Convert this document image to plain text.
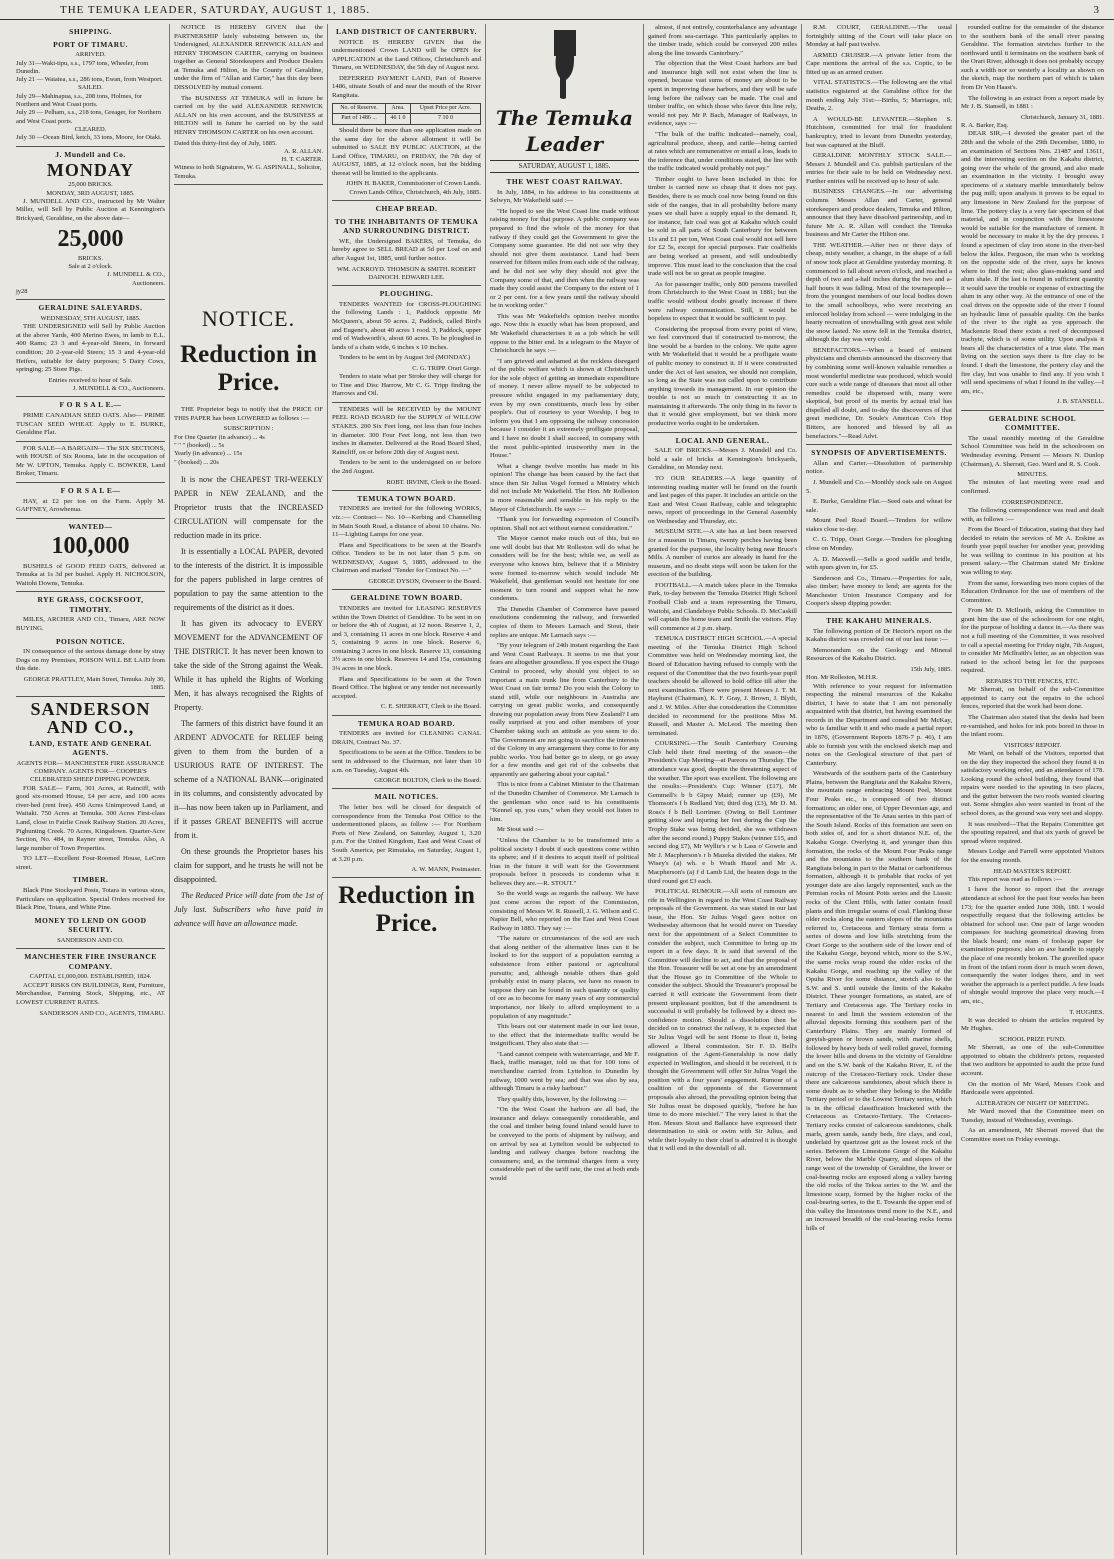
THE TEMUKA LEADER, SATURDAY, AUGUST 1, 1885.	3
SHIPPING.
PORT OF TIMARU.
ARRIVED.
July 31—Waki-tipu, s.s., 1797 tons, Wheeler, from Dunedin.
July 21 — Waiatea, s.s., 286 tons, Ewan, from Westport.
SAILED.
July 29—Mahinapua, s.s., 208 tons, Holmes, for Northern and West Coast ports.
July 29 — Pelham, s.s., 218 tons, Greager, for Northern and West Coast ports.
CLEARED.
July 30 —Ocean Bird, ketch, 33 tons, Moore, for Otaki.
J. Mundell and Co.
MONDAY
25,000 BRICKS.
MONDAY, 3RD AUGUST, 1885.

J. MUNDELL AND CO., instructed by Mr Walter Miller, will Sell by Public Auction at Kennington's Brickyard, Geraldine, on the above date—

25,000
BRICKS.
Sale at 2 o'clock.
J. MUNDELL & CO.,
Auctioneers.
jy28
GERALDINE SALEYARDS.
WEDNESDAY, 5TH AUGUST, 1885.

THE UNDERSIGNED will Sell by Public Auction at the above Yards, 400 Merino Ewes, in lamb to E.L. 400 Rams; 23 3 and 4-year-old Steers, in forward condition; 20 2-year-old Steers; 15 3 and 4-year-old Heifers, suitable for dairy purposes; 5 Dairy Cows, springing; 25 Store Pigs.

Entries received to hour of Sale.
J. MUNDELL & CO., Auctioneers.
F O R S A L E.—

PRIME CANADIAN SEED OATS. Also— PRIME TUSCAN SEED WHEAT. Apply to E. BURKE, Geraldine Flat.

FOR SALE—A BARGAIN— The SIX SECTIONS, with HOUSE of Six Rooms, late in the occupation of Mr W. UPTON, Temuka. Apply C. BOWKER, Land Broker, Timaru.

F O R S A L E—

HAY, at £2 per ton on the Farm. Apply M. GAFFNEY, Arowhenua.

WANTED—
100,000

BUSHELS of GOOD FEED OATS, delivered at Temuka at 1s 3d per bushel. Apply H. NICHOLSON, Waitohi Downs, Temuka.

RYE GRASS, COCKSFOOT, TIMOTHY.

MILES, ARCHER AND CO., Timaru, ARE NOW BUYING.

POISON NOTICE.

IN consequence of the serious damage done by stray Dogs on my Premises, POISON WILL BE LAID from this date.

GEORGE PRATTLEY, Main Street, Temuka. July 30, 1885.
SANDERSON AND CO.,
LAND, ESTATE AND GENERAL AGENTS.
AGENTS FOR— MANCHESTER FIRE ASSURANCE COMPANY. AGENTS FOR— COOPER'S CELEBRATED SHEEP DIPPING POWDER.

FOR SALE— Farm, 301 Acres, at Rainciff, with good six-roomed House, £4 per acre, and 100 acres river-bed (rent free). 450 Acres Unimproved Land, at Waitaki. 750 Acres at Temuka. 300 Acres First-class Land, close to Fairlie Creek Railway Station. 20 Acres, Pigbunting Creek. 70 Acres, Kingsdown. Quarter-Acre Section, No. 484, in Rayner street, Temuka. Also, A large number of Town Properties.

TO LET—Excellent Four-Roomed House, LeCren street.

TIMBER.

Black Pine Stockyard Posts, Totara in various sizes, Particulars on application. Special Orders received for Black Pine, Totara, and White Pine.

MONEY TO LEND ON GOOD SECURITY.
SANDERSON AND CO.
MANCHESTER FIRE INSURANCE COMPANY.
CAPITAL £1,000,000. ESTABLISHED, 1824.

ACCEPT RISKS ON BUILDINGS, Rent, Furniture, Merchandise, Farming Stock, Shipping, etc., AT LOWEST CURRENT RATES.

SANDERSON AND CO., AGENTS, TIMARU.

NOTICE IS HEREBY GIVEN that the PARTNERSHIP lately subsisting between us, the Undersigned, ALEXANDER RENWICK ALLAN and HENRY THOMSON CARTER, carrying on business together as General Storekeepers and Produce Dealers at Temuka and Hilton, in the County of Geraldine, under the firm of "Allan and Carter," has this day been DISSOLVED by mutual consent.

The BUSINESS AT TEMUKA will in future be carried on by the said ALEXANDER RENWICK ALLAN on his own account, and the BUSINESS at HILTON will in future be carried on by the said HENRY THOMSON CARTER on his own account.

Dated this thirty-first day of July, 1885.
A. R. ALLAN.
H. T. CARTER.
Witness to both Signatures, W. G. ASPINALL, Solicitor, Temuka.
NOTICE.
Reduction in Price.

THE Proprietor begs to notify that the PRICE OF THIS PAPER has been LOWERED as follows :—

SUBSCRIPTION :
For One Quarter (in advance) ... 4s
" " " (booked) ... 5s
Yearly (in advance) ... 15s
" (booked) ... 20s

It is now the CHEAPEST TRI-WEEKLY PAPER in NEW ZEALAND, and the Proprietor trusts that the INCREASED CIRCULATION will compensate for the reduction made in its price.

It is essentially a LOCAL PAPER, devoted to the interests of the district. It is impossible for the papers published in large centres of population to pay the same attention to the requirements of the district as it does.

It has given its advocacy to EVERY MOVEMENT for the ADVANCEMENT OF THE DISTRICT. It has never been known to take the side of the Strong against the Weak. While it has upheld the Rights of Working Men, it has always recognised the Rights of Property.

The farmers of this district have found it an ARDENT ADVOCATE for RELIEF being given to them from the burden of a USURIOUS RATE OF INTEREST. The scheme of a NATIONAL BANK—originated in its columns, and consistently advocated by it—has now been taken up in Parliament, and if it passes GREAT BENEFITS will accrue from it.

On these grounds the Proprietor bases his claim for support, and he trusts he will not be disappointed.

The Reduced Price will date from the 1st of July last. Subscribers who have paid in advance will have an allowance made.

LAND DISTRICT OF CANTERBURY.

NOTICE IS HEREBY GIVEN that the undermentioned Crown LAND will be OPEN for APPLICATION at the Land Offices, Christchurch and Timaru, on WEDNESDAY, the 5th day of August next.

DEFERRED PAYMENT LAND, Part of Reserve 1486, situate South of and near the mouth of the River Rangitata.

No. of Reserve.	Area.	Upset Price per Acre.
Part of 1486 ...	46 1 0	7 10 0

Should there be more than one application made on the same day for the above allotment it will be submitted to SALE BY PUBLIC AUCTION, at the Land Office, TIMARU, on FRIDAY, the 7th day of AUGUST, 1885, at 12 o'clock noon, but the bidding thereat will be limited to the applicants.

JOHN H. BAKER, Commissioner of Crown Lands. Crown Lands Office, Christchurch, 4th July, 1885.
CHEAP BREAD.
TO THE INHABITANTS OF TEMUKA AND SURROUNDING DISTRICT.

WE, the Undersigned BAKERS, of Temuka, do hereby agree to SELL BREAD at 5d per Loaf on and after August 1st, 1885, until further notice.

WM. ACKROYD. THOMSON & SMITH. ROBERT DAINOCH. EDWARD LEE.
PLOUGHING.

TENDERS WANTED for CROSS-PLOUGHING the following Lands : 1, Paddock opposite Mr McQueen's, about 50 acres. 2, Paddock, called Bird's and Eugene's, about 40 acres 1 rood. 3, Paddock, upper end of Wadsworth's, about 60 acres. To be ploughed in lands of a chain wide, 6 inches x 10 inches.

Tenders to be sent in by August 3rd (MONDAY.)

C. G. TRIPP. Orari Gorge.

Tenders to state what per Stroke they will charge for to Tine and Disc Harrow, Mr C. G. Tripp finding the Harrows and Oil.

TENDERS will be RECEIVED by the MOUNT PEEL ROAD BOARD for the SUPPLY of WILLOW STAKES. 200 Six Feet long, not less than four inches in diameter. 300 Four Feet long, not less than two inches in diameter. Delivered at the Road Board Shed, Raincliff, on or before 20th day of August next.

Tenders to be sent to the undersigned on or before the 2nd August.

ROBT. IRVINE, Clerk to the Board.
TEMUKA TOWN BOARD.

TENDERS are invited for the following WORKS, viz.:— Contract— No. 10—Kerbing and Channelling in Main South Road, a distance of about 10 chains. No. 11—Lighting Lamps for one year.

Plans and Specifications to be seen at the Board's Office. Tenders to be in not later than 5 p.m. on WEDNESDAY, August 5, 1885, addressed to the Chairman and marked "Tender for Contract No. —"

GEORGE DYSON, Overseer to the Board.
GERALDINE TOWN BOARD.

TENDERS are invited for LEASING RESERVES within the Town District of Geraldine. To be sent in on or before the 4th of August, at 12 noon. Reserve 1, 2, and 3, containing 11 acres in one block. Reserve 4 and 5, containing 9 acres in one block. Reserve 6, containing 3 acres in one block. Reserve 13, containing 3½ acres in one block. Reserves 14 and 15a, containing 3¼ acres in one block.

Plans and Specifications to be seen at the Town Board Office. The highest or any tender not necessarily accepted.

C. E. SHERRATT, Clerk to the Board.
TEMUKA ROAD BOARD.

TENDERS are invited for CLEANING CANAL DRAIN, Contract No. 37.

Specifications to be seen at the Office. Tenders to be sent in addressed to the Chairman, not later than 10 a.m. on Tuesday, August 4th.

GEORGE BOLTON, Clerk to the Board.
MAIL NOTICES.

The letter box will be closed for despatch of correspondence from the Temuka Post Office to the undermentioned places, as follow :— For Northern Ports of New Zealand, on Saturday, August 1, 3.20 p.m. For the United Kingdom, East and West Coast of South America, per Rimutaka, on Saturday, August 1, at 3.20 p.m.

A. W. MANN, Postmaster.
Reduction in Price.
The Temuka Leader
SATURDAY, AUGUST 1, 1885.
THE WEST COAST RAILWAY.

In July, 1884, in his address to his constituents at Selwyn, Mr Wakefield said :—

"He hoped to see the West Coast line made without raising money for that purpose. A public company was prepared to find the whole of the money for that railway if they could get the Government to give the Company some guarantee. He did not see why they should not give them assistance. Land had been reserved for fifteen miles from each side of the railway, and he did not see why they should not give the Company some of that, and then when the railway was made they could assist the Company to the extent of 1 or 2 per cent. for a few years until the railway should be in working order."

This was Mr Wakefield's opinion twelve months ago. Now this is exactly what has been proposed, and Mr Wakefield characterises it as a job which he will oppose to the bitter end. In a telegram to the Mayor of Christchurch he says :—

"I am grieved and ashamed at the reckless disregard of the public welfare which is shown at Christchurch for the sole object of getting an immediate expenditure of money. I never allow myself to be subjected to pressure whilst engaged in my parliamentary duty, even by my own constituents, much less by other people's. Out of courtesy to your Worship, I beg to inform you that I am opposing the railway concession because I consider it an extremely profligate proposal, and I have no doubt I shall succeed, in company with the most public-spirited trustworthy men in the House."

What a change twelve months has made in his opinion! The change has been caused by the fact that since then Sir Julius Vogel formed a Ministry which did not include Mr Wakefield. The Hon. Mr Rolleston is more reasonable and sensible in his reply to the Mayor of Christchurch. He says :—

"Thank you for forwarding expression of Council's opinion. Shall not act without earnest consideration."

The Mayor cannot make much out of this, but no one will doubt but that Mr Rolleston will do what he considers will be for the best; while we, as well as everyone who knows him, believe that if a Ministry were formed to-morrow which would include Mr Wakefield, that gentleman would not hesitate for one moment to turn round and support what he now condemns.

The Dunedin Chamber of Commerce have passed resolutions condemning the railway, and forwarded copies of them to Messrs Larnach and Stout, their replies are unique. Mr Larnach says :—

"By your telegram of 24th instant regarding the East and West Coast Railways. It seems to me that your fears are altogether groundless. If you expect the Otago Central to proceed, why should you object to so important a main trunk line from Canterbury to the West Coast on fair terms? Do you wish the Colony to stand still, while our neighbours in Australia are carrying on great public works, and consequently drawing our population away from New Zealand? I am really surprised at you and other members of your Chamber taking such an attitude as you seem to do. The Government are not going to sacrifice the interests of the Colony in any arrangement they come to for any public works. You had better go to sleep, or go away for a few months and get rid of the cobwebs that apparently are gathering about your capital."

This is nice from a Cabinet Minister to the Chairman of the Dunedin Chamber of Commerce. Mr Larnach is the gentleman who once said to his constituents "Kennel up, you curs," when they would not listen to him.

Mr Stout said :—

"Unless the Chamber is to be transformed into a political society I doubt if such questions come within its sphere; and if it desires to acquit itself of political bias in the future it will wait for the Government proposals before it proceeds to condemn what it believes they are.—R. STOUT."

So the world wags as regards the railway. We have just come across the report of the Commission, consisting of Messrs W. R. Russell, J. G. Wilson and C. Napier Bell, who reported on the East and West Coast Railway in 1883. They say :—

"The nature or circumstances of the soil are such that along neither of the alternative lines can it be looked to for the support of a population earning a subsistence from either pastoral or agricultural pursuits; and, although notable others than gold probably exist in many places, we have no reason to suppose they can be found in such quantity or quality of ore as to become for many years of any commercial importance, nor likely to afford employment to a population of any magnitude."

This bears out our statement made in our last issue, to the effect that the intermediate traffic would be insignificant. They also state that :—

"Land cannot compete with watercarriage, and Mr F. Back, traffic manager, told us that for 100 tons of merchandise carried from Lyttelton to Dunedin by railway, 1000 went by sea; and that was also by sea, although Timaru is a risky harbour."

They qualify this, however, by the following :—

"On the West Coast the harbors are all bad, the insurance and delays consequently considerable, and the coal and timber being found inland would have to be conveyed to the ports of shipment by railway, and on arrival by sea at Lyttelton would be subjected to landing and railway charges before reaching the consumers; and, as the terminal charges form a very considerable part of the tariff rate, the cost at both ends would

almost, if not entirely, counterbalance any advantage gained from sea-carriage. This particularly applies to the timber trade, which could be conveyed 200 miles along the line towards Canterbury."

The objection that the West Coast harbors are bad and insurance high will not exist when the line is opened, because vast sums of money are about to be spent in improving these harbors, and they will be safe long before the railway can be made. The coal and timber traffic, on which those who favor this line rely, would not pay. Mr P. Bach, Manager of Railways, in evidence, says :—

"The bulk of the traffic indicated—namely, coal, agricultural produce, sheep, and cattle—being carried at rates which are remunerative or entail a loss, leads to the inference that, under conditions stated, the line with the traffic indicated would probably not pay."

Timber ought to have been included in this: for timber is carried now so cheap that it does not pay. Besides, there is so much coal now being found on this side of the ranges, that in all probability before many years we shall have a supply equal to the demand. It, for instance, fair coal was got at Kakahu which could be sold in all parts of South Canterbury for between 11s and £1 per ton, West Coast coal would not sell here for £2 5s, except for special purposes. Fair coalfields are being worked at present, and will undoubtedly improve. This must lead to the conclusion that the coal trade will not be so great as people imagine.

As for passenger traffic, only 800 persons travelled from Christchurch to the West Coast in 1881; but the traffic would without doubt greatly increase if there were railway communication. Still, it would be hopeless to expect that it would be sufficient to pay.

Considering the proposal from every point of view, we feel convinced that if constructed to-morrow, the line would be a burden to the colony. We quite agree with Mr Wakefield that it would be a profligate waste of public money to construct it. If it were constructed under the Act of last session, we should not complain, so long as the State was not called upon to contribute anything towards its management. In our opinion the trouble is not so much in constructing it as in maintaining it afterwards. The only thing in its favor is that it would give employment, but we think more productive works ought to be undertaken.

LOCAL AND GENERAL.

SALE OF BRICKS.—Messrs J. Mundell and Co. hold a sale of bricks at Kennington's brickyards, Geraldine, on Monday next.

TO OUR READERS.—A large quantity of interesting reading matter will be found on the fourth and last pages of this paper. It includes an article on the East and West Coast Railway, cable and telegraphic news, report of proceedings in the General Assembly on Wednesday and Thursday, etc.

MUSEUM SITE.—A site has at last been reserved for a museum in Timaru, twenty perches having been granted for the purpose, the locality being near Bruce's Mills. A number of curios are already in hand for the museum, and no doubt steps will soon be taken for the erection of the building.

FOOTBALL.—A match takes place in the Temuka Park, to-day between the Temuka District High School Football Club and a team representing the Timaru, Waitohi, and Clandeboye Public Schools. D. McCaskill will captain the home team and Smith the visitors. Play will commence at 2 p.m. sharp.

TEMUKA DISTRICT HIGH SCHOOL.—A special meeting of the Temuka District High School Committee was held on Wednesday morning last, the Board of Education having refused to comply with the request of the Committee that the two fourth-year pupil teachers should be allowed to hold office till after the next examination. There were present Messrs J. T. M. Hayhurst (Chairman), K. F. Gray, J. Brown, J. Blyth, and J. W. Miles. After due consideration the Committee decided to recommend for the positions Miss M. Russell, and Master A. McLeod. The meeting then terminated.

COURSING.—The South Canterbury Coursing Club held their final meeting of the season—the President's Cup Meeting—at Pareora on Thursday. The attendance was good, despite the threatening aspect of the weather. The sport was excellent. The following are the results:—President's Cup: Winner (£17), Mr Gemmell's b b Gipsy Maid; runner up (£9), Mr Thomson's f b Redland Yet; third dog (£3), Mr D. M. Ross's f b Bell Lorrimer. (Owing to Bell Lorrimer getting slow and injuring her feet during the Cup the Trophy Stake was being decided, she was withdrawn after the second round.) Puppy Stakes (winner £15, and second dog £7), Mr Wyllie's r w b Lass o' Gowrie and Mr J. Macpherson's r b Mazeka divided the stakes. Mr Wisey's (a) wh. e b Wrath Hazel and Mr A. Macpherson's (a) f d Lamb Lid, the beaten dogs in the third round got £3 each.

POLITICAL RUMOUR.—All sorts of rumours are rife in Wellington in regard to the West Coast Railway proposals of the Government. As was stated in our last issue, the Hon. Sir Julius Vogel gave notice on Wednesday afternoon that he would move on Tuesday next for the appointment of a Select Committee to consider the subject, such Committee to bring up its report in a few days. It is said that several of the Committee will decline to act, and that the proposal of the Hon. Treasurer will be set at one by an amendment that the House go in Committee of the Whole to consider the subject. Should the Treasurer's proposal be carried it will extricate the Government from their present unpleasant position, but if the amendment is successful it will probably be followed by a direct no-confidence motion. Should a dissolution then be decided on to construct the railway, it is expected that Sir Julius Vogel will be sent Home to float it, being allowed a liberal commission. Sir F. D. Bell's resignation of the Agent-Generalship is now daily expected in Wellington, and should it be received, it is thought the Government will offer Sir Julius Vogel the position with a four years' engagement. Rumour of a coalition of the opponents of the Government proposals also abroad, the prevailing opinion being that Sir Julius must be disposed quickly, "before he has time to do more mischief." The very latest is that the Hon. Messrs Stout and Ballance have expressed their determination to sink or swim with Sir Julius, and while their loyalty to their chief is admired it is thought that it will end in the downfall of all.

R.M. COURT, GERALDINE.—The usual fortnightly sitting of the Court will take place on Monday at half past twelve.

ARMED CRUISER.—A private letter from the Cape mentions the arrival of the s.s. Coptic, to be fitted up as an armed cruiser.

VITAL STATISTICS.—The following are the vital statistics registered at the Geraldine office for the month ending July 31st:—Births, 5; Marriages, nil; Deaths, 2.

A WOULD-BE LEVANTER.—Stephen S. Hutchison, committed for trial for fraudulent bankruptcy, tried to levant from Dunedin yesterday, but was captured at the Bluff.

GERALDINE MONTHLY STOCK SALE.—Messrs J. Mundell and Co. publish particulars of the entries for their sale to be held on Wednesday next. Further entries will be received up to hour of sale.

BUSINESS CHANGES.—In our advertising columns Messrs Allan and Carter, general storekeepers and produce dealers, Temuka and Hilton, announce that they have dissolved partnership, and in future Mr A. R. Allan will conduct the Temuka business and Mr Carter the Hilton one.

THE WEATHER.—After two or three days of cheap, misty weather, a change, in the shape of a fall of snow took place at Geraldine yesterday morning. It commenced to fall about seven o'clock, and reached a depth of two and a-half inches during the two and a-half hours it was falling. Most of the townspeople—from the youngest members of our local bodies down to the small schoolboys, who were receiving an enforced holiday from school — were indulging in the hearty recreation of snowballing with great zest while the snow lasted. No snow fell in the Temuka district, although the day was very cold.

BENEFACTORS.—When a board of eminent physicians and chemists announced the discovery that by combining some well-known valuable remedies a most wonderful medicine was produced, which would cure such a wide range of diseases that most all other remedies could be dispensed with, many were skeptical, but proof of its merits by actual trial has dispelled all doubt, and to-day the discoverers of that great medicine, Dr. Soule's American Co's Hop Bitters, are honored and blessed by all as benefactors."—Read Advt.

SYNOPSIS OF ADVERTISEMENTS.

Allan and Carter.—Dissolution of partnership notice.

J. Mundell and Co.—Monthly stock sale on August 5.

E. Burke, Geraldine Flat.—Seed oats and wheat for sale.

Mount Peel Road Board.—Tenders for willow stakes close to-day.

C. G. Tripp, Orari Gorge.—Tenders for ploughing close on Monday.

A. D. Maxwell.—Sells a good saddle and bridle, with spurs given in, for £5.

Sanderson and Co., Timaru.—Properties for sale, also timber; have money to lend; are agents for the Manchester Union Insurance Company and for Cooper's sheep dipping powder.

THE KAKAHU MINERALS.

The following portion of Dr Hector's report on the Kakahu district was crowded out of our last issue :—

Memorandum on the Geology and Mineral Resources of the Kakahu District.

15th July, 1885.
Hon. Mr Rolleston, M.H.R.

With reference to your request for information respecting the mineral resources of the Kakahu district, I have to state that I am not personally acquainted with that district, but having examined the records in the Department and consulted Mr McKay, who is familiar with it and who made a partial report in 1876, (Government Reports 1876-7 p. 46), I am able to furnish you with the enclosed sketch map and notes on the Geological structure of that part of Canterbury.

Westwards of the southern parts of the Canterbury Plains, between the Rangitata and the Kakahu Rivers, the mountain range embracing Mount Peel, Mount Four Peaks etc., is composed of two distinct formations; an older one, of Upper Devonian age, and the representative of the Te Anau series in this part of the South Island. Rocks of this formation are seen on both sides of, and for a short distance N.E. of, the Kakahu Gorge. Overlying it, and younger than this formation, the rocks of the Mount Four Peaks range and the mountains to the southern bank of the Rangitata belong in part to the Maitai or carboniferous formation, although it is probable that rocks of yet younger date are also largely represented, such as the Permian rocks of Mount Potts series and the Liassic rocks of the Clent Hills, with latter contain fossil plants and thin irregular seams of coal. Flanking these older rocks along the eastern slopes of the mountains referred to, Cretaceous and Tertiary strata form a series of downs and low hills stretching from the Orari Gorge to the southern side of the lower end of the Kakahu Gorge, beyond which, more to the S.W., the same rocks wrap round the older rocks of the Kakahu Gorge, and reaching up the valley of the Opuha River for some distance, stretch also to the S.W. and S. until outside the limits of the Kakahu District. These younger formations, as stated, are of Tertiary and Cretaceous age. The Tertiary rocks in nearest to and limit the western extension of the alluvial deposits forming this southern part of the Canterbury Plains. They are mainly formed of greyish-green or brown sands, with marine shells, followed by heavy beds of well rolled gravel, forming the lower hills and downs in the vicinity of Geraldine and on the S.W. bank of the Kakahu River, E. of the outcrop of the Cretaceo-Tertiary rock. Under these there are calcareous sandstones, about which there is some doubt as to whether they belong to the Middle Tertiary period or to the Lowest Tertiary series, which is in the official classification bracketed with the Cretaceous as Cretaceo-Tertiary. The Cretaceo-Tertiary rocks consist of calcareous sandstones, chalk marls, green sands, sandy beds, fire clays, and coal, underlaid by quartzose grit as the lowest rock of the series. Between the Limestone Gorge of the Kakahu River, below the Marble Quarry, and slopes of the range west of the township of Geraldine, the lower or coal-bearing rocks are exposed along a valley having the old rocks of the Tekoa series to the W. and the limestone scarp, formed by the higher rocks of the coal-bearing series, to the E. Towards the upper end of this valley the limestones trend more to the N.E., and an increased breadth of the coal-bearing rocks forms hills of

rounded outline for the remainder of the distance to the southern bank of the small river passing Geraldine. The formation stretches further to the northward until it terminates on the southern bank of the Orari River, although it does not probably occupy such a width nor so westerly a locality as shown on the sketch, map the northern part of which is taken from Dr Von Haast's.

The following is an extract from a report made by Mr J. B. Stansell, in 1881 :

Christchurch, January 31, 1881.
R. A. Barker, Esq.

DEAR SIR,—I devoted the greater part of the 28th and the whole of the 29th December, 1880, to an examination of Sections Nos. 21487 and 13611, and the intervening section on the Kakahu district, going over the whole of the ground, and also made an examination in the vicinity. I brought away specimens of a statuary marble immediately below the pug mill; upon analysis it proves to be equal to any limestone in New Zealand for the purpose of lime. The pottery clay is a very fair specimen of that material, and in conjunction with the limestone would be suitable for the manufacture of cement. It would be necessary to make it by the dry process. I found a specimen of clay iron stone in the river-bed below the kilns. Ferguson, the man who is working on the opposite side of the river, says he knows where to find the rest; also glass-making sand and alum shale. If the last is found in sufficient quantity it would save the trouble or expense of extracting the alum in any other way. At the entrance of one of the coal drives on the opposite side of the river I found an hydraulic lime of passable quality. On the banks of the river to the right as you approach the Mackenzie Road there exists a reef of decomposed trachyte, which is of some utility. Upon analysis it bears all the characteristics of a true slate. The man living on the section says there is fire clay to be found. I draft the limestone, the pottery clay and the fire clay, but was unable to find any. If you wish I will send specimens of what I found in the valley.—I am, etc.,

J. B. STANSELL.
GERALDINE SCHOOL COMMITTEE.

The usual monthly meeting of the Geraldine School Committee was held in the schoolroom on Wednesday evening. Present — Messrs N. Dunlop (Chairman), A. Sherratt, Geo. Ward and R. S. Cook.

MINUTES.

The minutes of last meeting were read and confirmed.

CORRESPONDENCE.

The following correspondence was read and dealt with, as follows :—

From the Board of Education, stating that they had decided to retain the services of Mr A. Erskine as fourth year pupil teacher for another year, providing he was willing to continue in his position at his present salary.—The Chairman stated Mr Erskine was willing to stay.

From the same, forwarding two more copies of the Education Ordinance for the use of members of the Committee.

From Mr D. McIlraith, asking the Committee to grant him the use of the schoolroom for one night, for the purpose of holding a dance in.—As there was not a full meeting of the Committee, it was resolved to call a special meeting for Friday night, 7th August, to consider Mr McIlraith's letter, as an objection was raised to the school being let for the purposes required.

REPAIRS TO THE FENCES, ETC.

Mr Sherratt, on behalf of the sub-Committee appointed to carry out the repairs to the school fences, reported that the work had been done.

The Chairman also stated that the desks had been re-varnished, and holes for ink pots bored in those in the infant room.

VISITORS' REPORT.

Mr Ward, on behalf of the Visitors, reported that on the day they inspected the school they found it in satisfactory working order, and an attendance of 178. Looking round the school building, they found that repairs were needed to the spouting in two places, and the gutter between the two roofs wanted clearing out. Some shingles also were wanted in front of the school doors, as the ground was very wet and sloppy.

It was resolved—That the Repairs Committee get the spouting repaired, and that six yards of gravel be spread where required.

Messrs Lodge and Farrell were appointed Visitors for the ensuing month.

HEAD MASTER'S REPORT.

This report was read as follows :—

I have the honor to report that the average attendance at school for the past four weeks has been 173; for the quarter ended June 30th, 180. I would respectfully request that the following articles be obtained for school use: One pair of large wooden compasses for teaching geometrical drawing from the black board; one ream of foolscap paper for examination purposes; also an axe handle to supply the place of one recently broken. The gravelled space in front of the infant room door is much worn down, consequently the water lodges there, and in wet weather the approach is a perfect puddle. A few loads of shingle would improve the place very much.—I am, etc.,

T. HUGHES.

It was decided to obtain the articles required by Mr Hughes.

SCHOOL PRIZE FUND.

Mr Sherratt, as one of the sub-Committee appointed to obtain the children's prizes, requested that two auditors be appointed to audit the prize fund account.

On the motion of Mr Ward, Messrs Cook and Hardcastle were appointed.

ALTERATION OF NIGHT OF MEETING.

Mr Ward moved that the Committee meet on Tuesday, instead of Wednesday, evenings.

As an amendment, Mr Sherratt moved that the Committee meet on Friday evenings.
